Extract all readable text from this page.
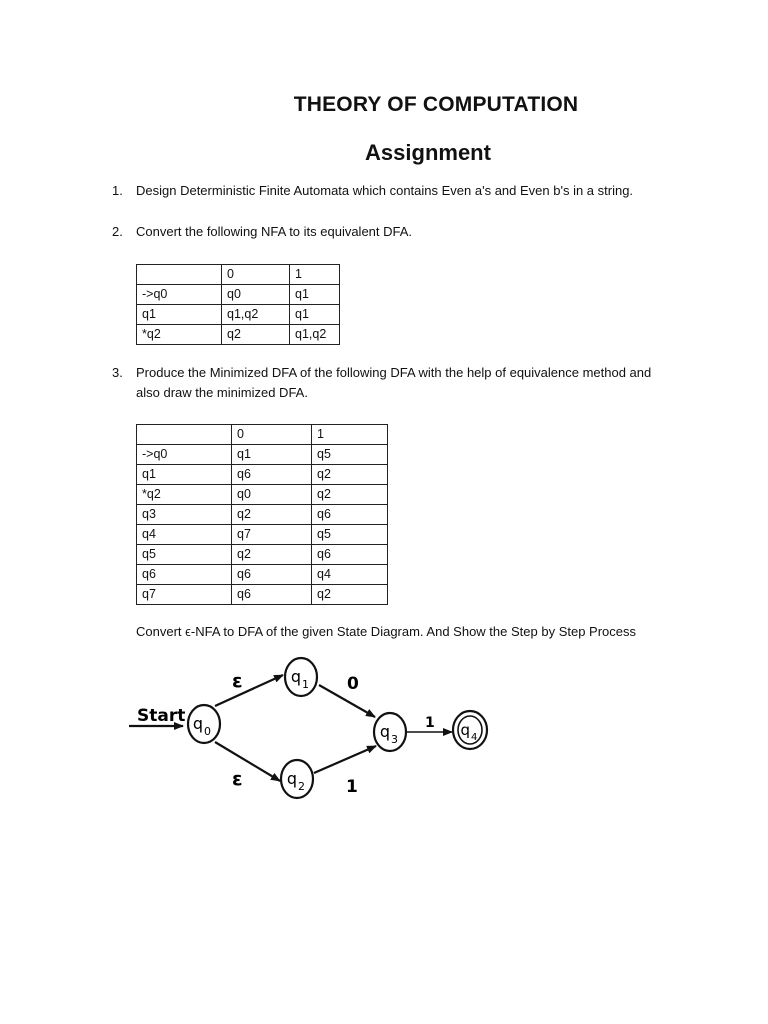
THEORY OF COMPUTATION
Assignment
1. Design Deterministic Finite Automata which contains Even a's and Even b's in a string.
2. Convert the following NFA to its equivalent DFA.
	0	1
->q0	q0	q1
q1	q1,q2	q1
*q2	q2	q1,q2
3. Produce the Minimized DFA of the following DFA with the help of equivalence method and also draw the minimized DFA.
	0	1
->q0	q1	q5
q1	q6	q2
*q2	q0	q2
q3	q2	q6
q4	q7	q5
q5	q2	q6
q6	q6	q4
q7	q6	q2
Convert ϵ-NFA to DFA of the given State Diagram. And Show the Step by Step Process
Start
ε
ε
0
1
1
q 0
q 1
q 2
q 3
q 4
